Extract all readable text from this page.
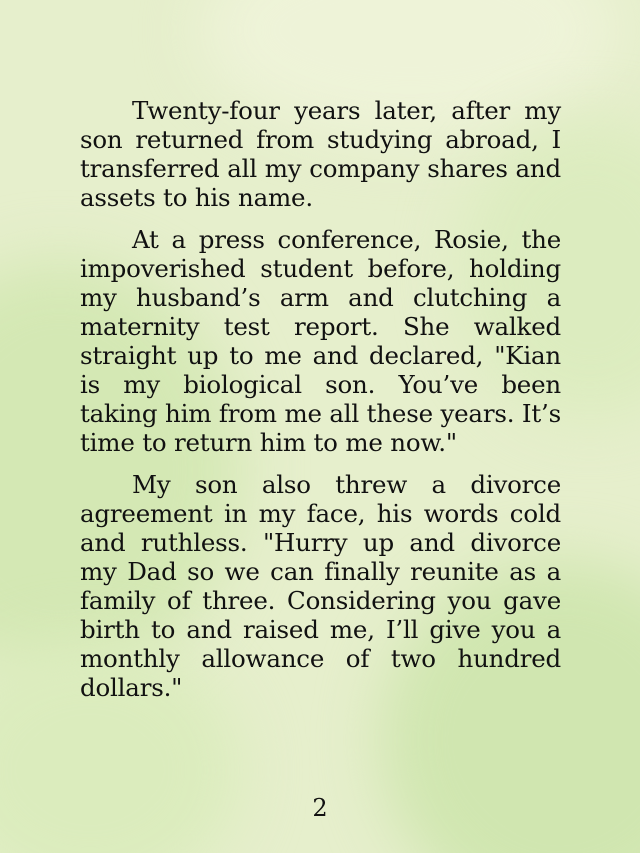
Twenty-four years later, after my son returned from studying abroad, I transferred all my company shares and assets to his name.

At a press conference, Rosie, the impoverished student before, holding my husband’s arm and clutching a maternity test report. She walked straight up to me and declared, "Kian is my biological son. You’ve been taking him from me all these years. It’s time to return him to me now."

My son also threw a divorce agreement in my face, his words cold and ruthless. "Hurry up and divorce my Dad so we can finally reunite as a family of three. Considering you gave birth to and raised me, I’ll give you a monthly allowance of two hundred dollars."

2
